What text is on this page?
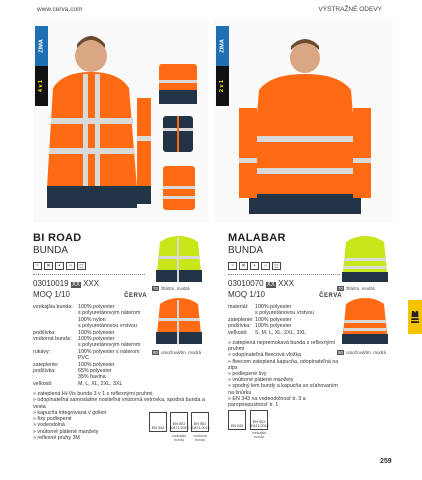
www.cerva.com	VÝSTRAŽNÉ ODEVY
ZIMA
4 v 1
ZIMA
2 v 1
BI ROAD
BUNDA
~	✕	•	○	◻
03010019 XX XXX
MOQ 1/10	ČERVA
vonkajšia bunda: 100% polyester
s polyuretánovým náterom
100% nylon
s polyuretánovou vrstvou
podšívka:	100% polyester
vnútorná bunda:	100% polyester
s polyuretánovým náterom
rukávy:	100% polyester s náterom
PVC
zateplenie:	100% polyester
podšívka:	65% polyester
35% bavlna
veľkosti:	M, L, XL, 2XL, 3XL
» zateplená Hi-Vis bunda 3 v 1 s reflexnými pruhmi
» odopínateľná samostatne nositeľná vnútorná vetrovka, spodná bunda a vesta
» kapucňa integrovaná v golieri
» fixy podlepené
» vodeodolná
» vnútorné plátené manžety
» reflexné pruhy 3M
70 žltá/tm. modrá
80 oranžová/tm. modrá
EN 343
EN ISO 20471:2013
EN ISO 20471:2013
vonkajšia bunda
vnútorná bunda
MALABAR
BUNDA
~	✕	•	○	◻
03010070 XX XXX
MOQ 1/10	ČERVA
materiál:	100% polyester
s polyuretánovou vrstvou
zateplenie: 100% polyester
podšívka: 100% polyester
veľkosti:	S, M, L, XL, 2XL, 3XL
» zateplená nepremokavá bunda s reflexnými pruhmi
» odopínateľná fleecová vložka
» fleecom zateplená kapucňa, odopínateľná na zips
» podlepené švy
» vnútorné plátené manžety
» spodný lem bundy a kapucňa so sťahovaním na šnúrku
» EN 343 na vodeodolnosť tr. 3 a paropriepustnosť tr. 1
70 žltá/tm. modrá
80 oranžová/tm. modrá
EN 343
EN ISO 20471:2013
vonkajšia bunda
259
